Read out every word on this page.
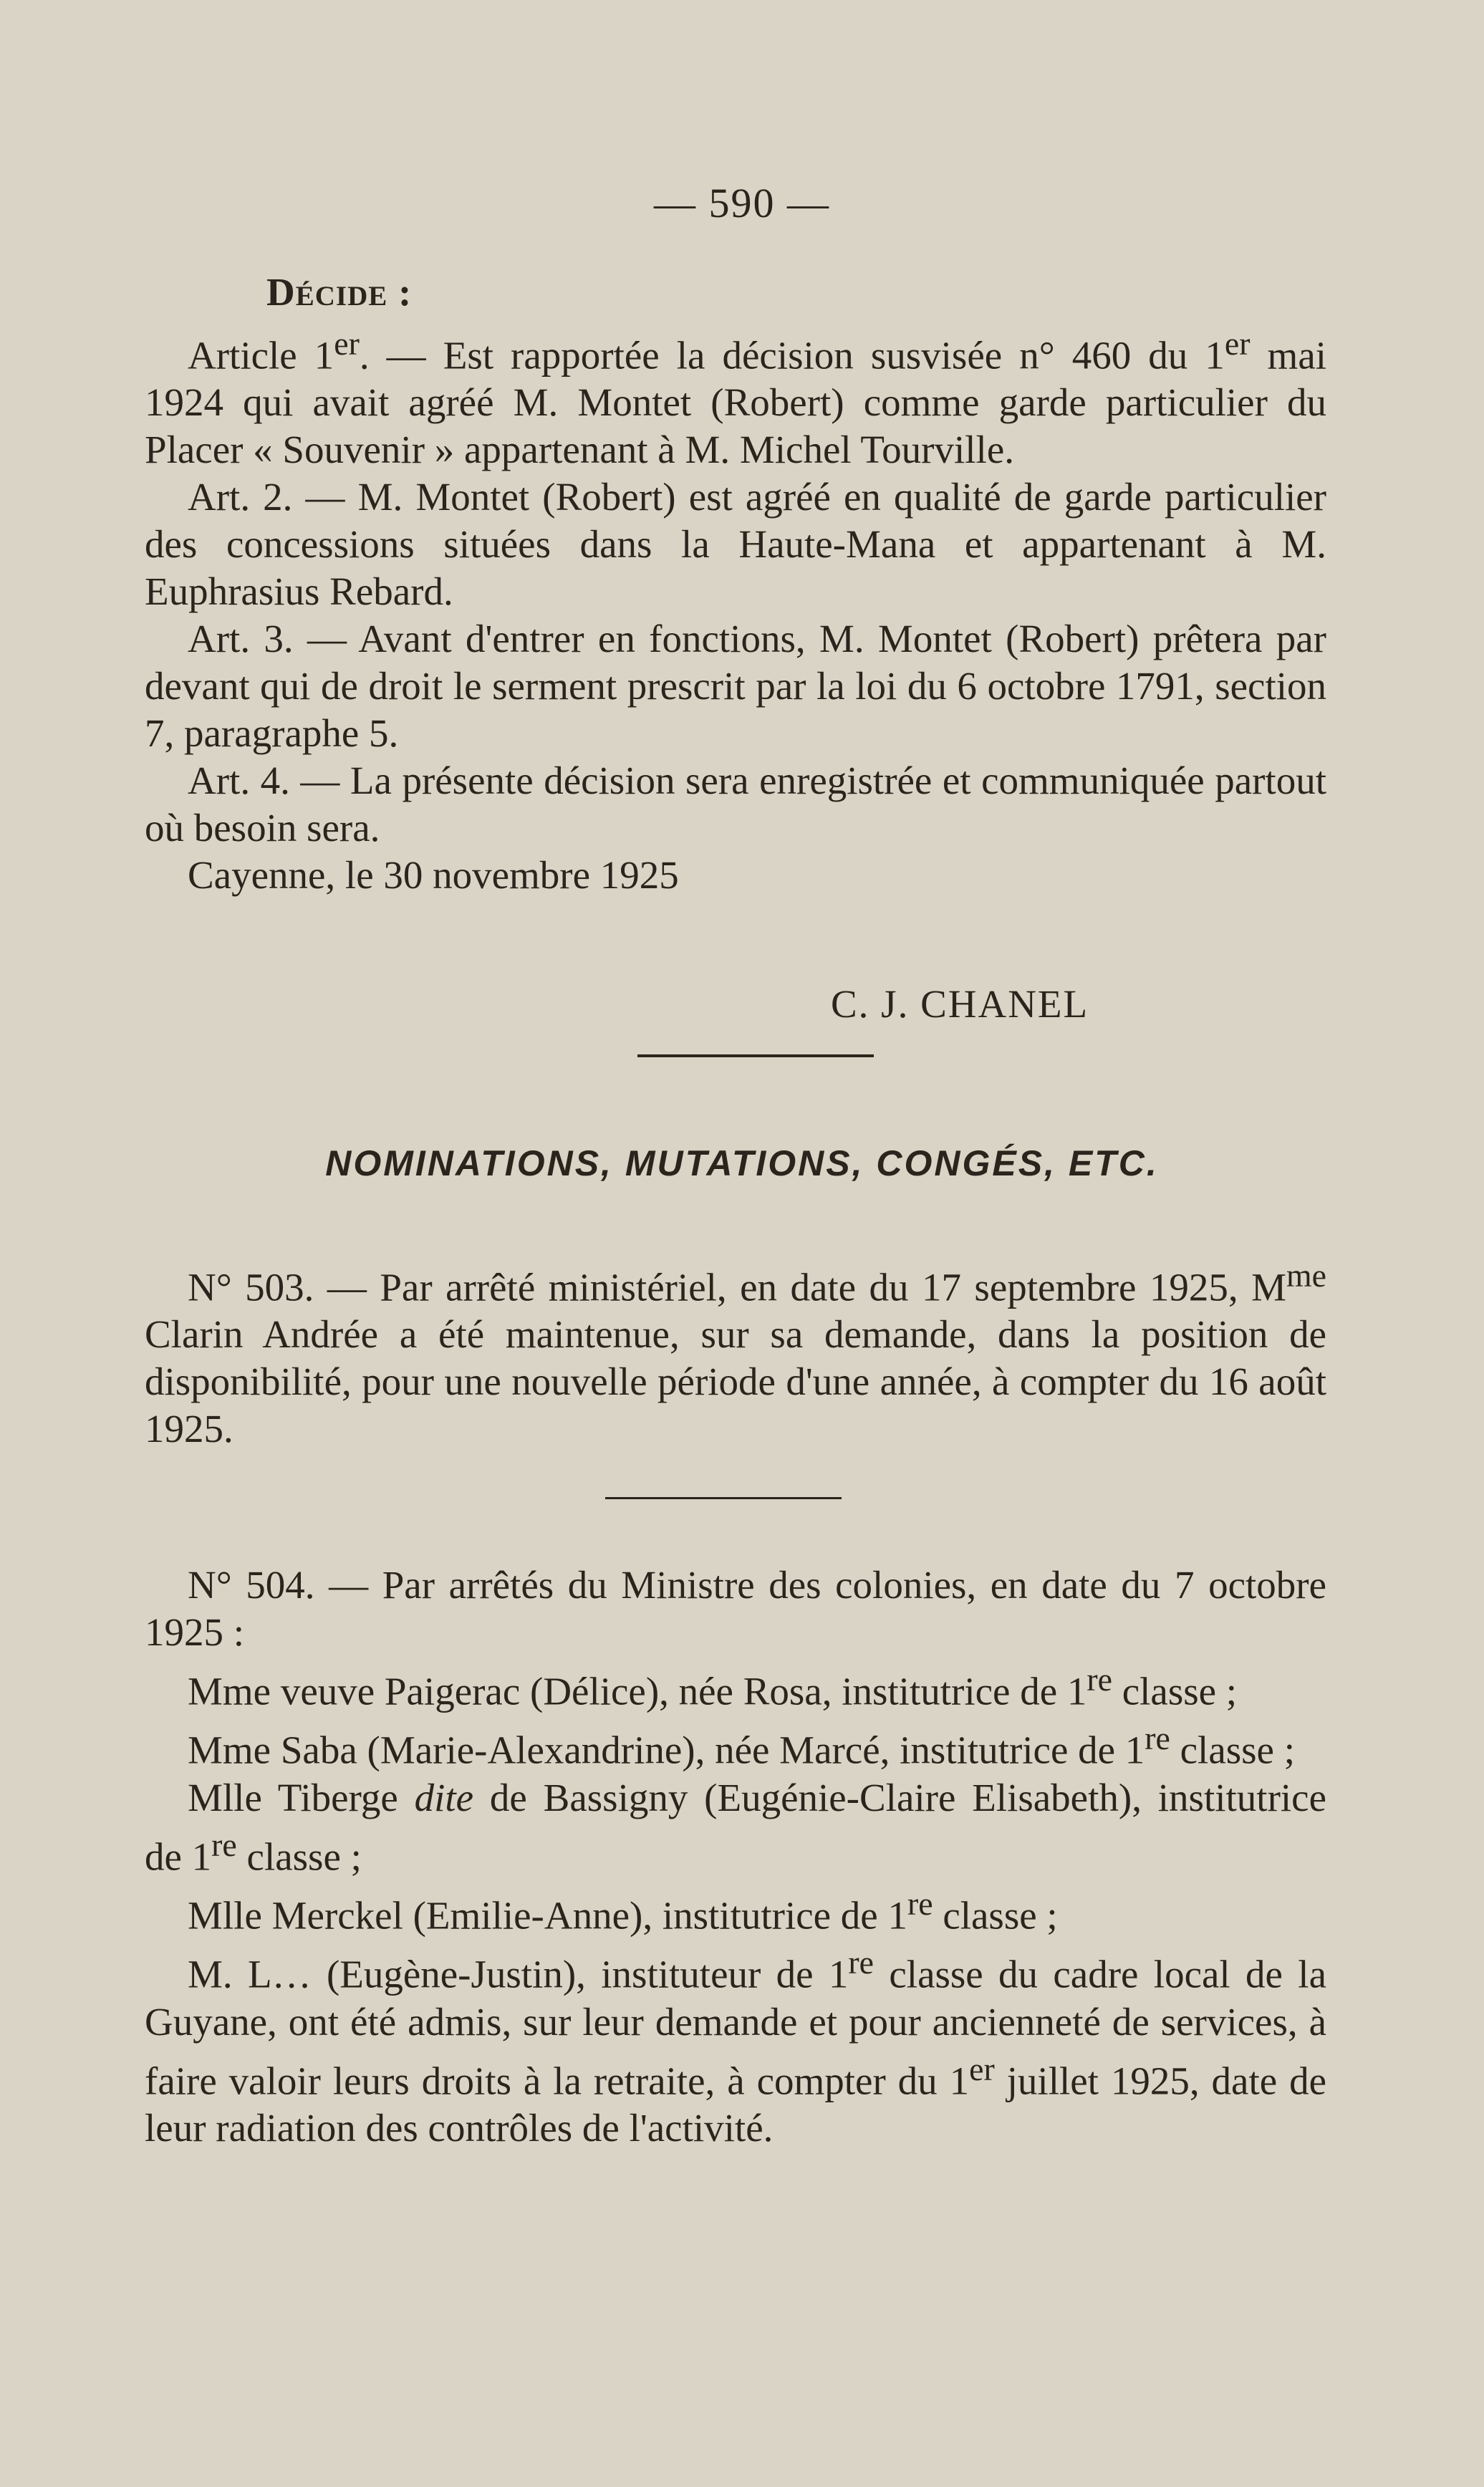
— 590 —

Décide :

Article 1er. — Est rapportée la décision susvisée n° 460 du 1er mai 1924 qui avait agréé M. Montet (Robert) comme garde particulier du Placer « Souvenir » appartenant à M. Michel Tourville.

Art. 2. — M. Montet (Robert) est agréé en qualité de garde particulier des concessions situées dans la Haute-Mana et appartenant à M. Euphrasius Rebard.

Art. 3. — Avant d'entrer en fonctions, M. Montet (Robert) prêtera par devant qui de droit le serment prescrit par la loi du 6 octobre 1791, section 7, paragraphe 5.

Art. 4. — La présente décision sera enregistrée et communiquée partout où besoin sera.

Cayenne, le 30 novembre 1925

C. J. CHANEL
NOMINATIONS, MUTATIONS, CONGÉS, ETC.

N° 503. — Par arrêté ministériel, en date du 17 septembre 1925, $M^{me}$ Clarin Andrée a été maintenue, sur sa demande, dans la position de disponibilité, pour une nouvelle période d'une année, à compter du 16 août 1925.

N° 504. — Par arrêtés du Ministre des colonies, en date du 7 octobre 1925 :

Mme veuve Paigerac (Délice), née Rosa, institutrice de 1re classe ;

Mme Saba (Marie-Alexandrine), née Marcé, institutrice de 1re classe ;

Mlle Tiberge dite de Bassigny (Eugénie-Claire Elisabeth), institutrice de 1re classe ;

Mlle Merckel (Emilie-Anne), institutrice de 1re classe ;

M. L… (Eugène-Justin), instituteur de 1re classe du cadre local de la Guyane, ont été admis, sur leur demande et pour ancienneté de services, à faire valoir leurs droits à la retraite, à compter du 1er juillet 1925, date de leur radiation des contrôles de l'activité.
